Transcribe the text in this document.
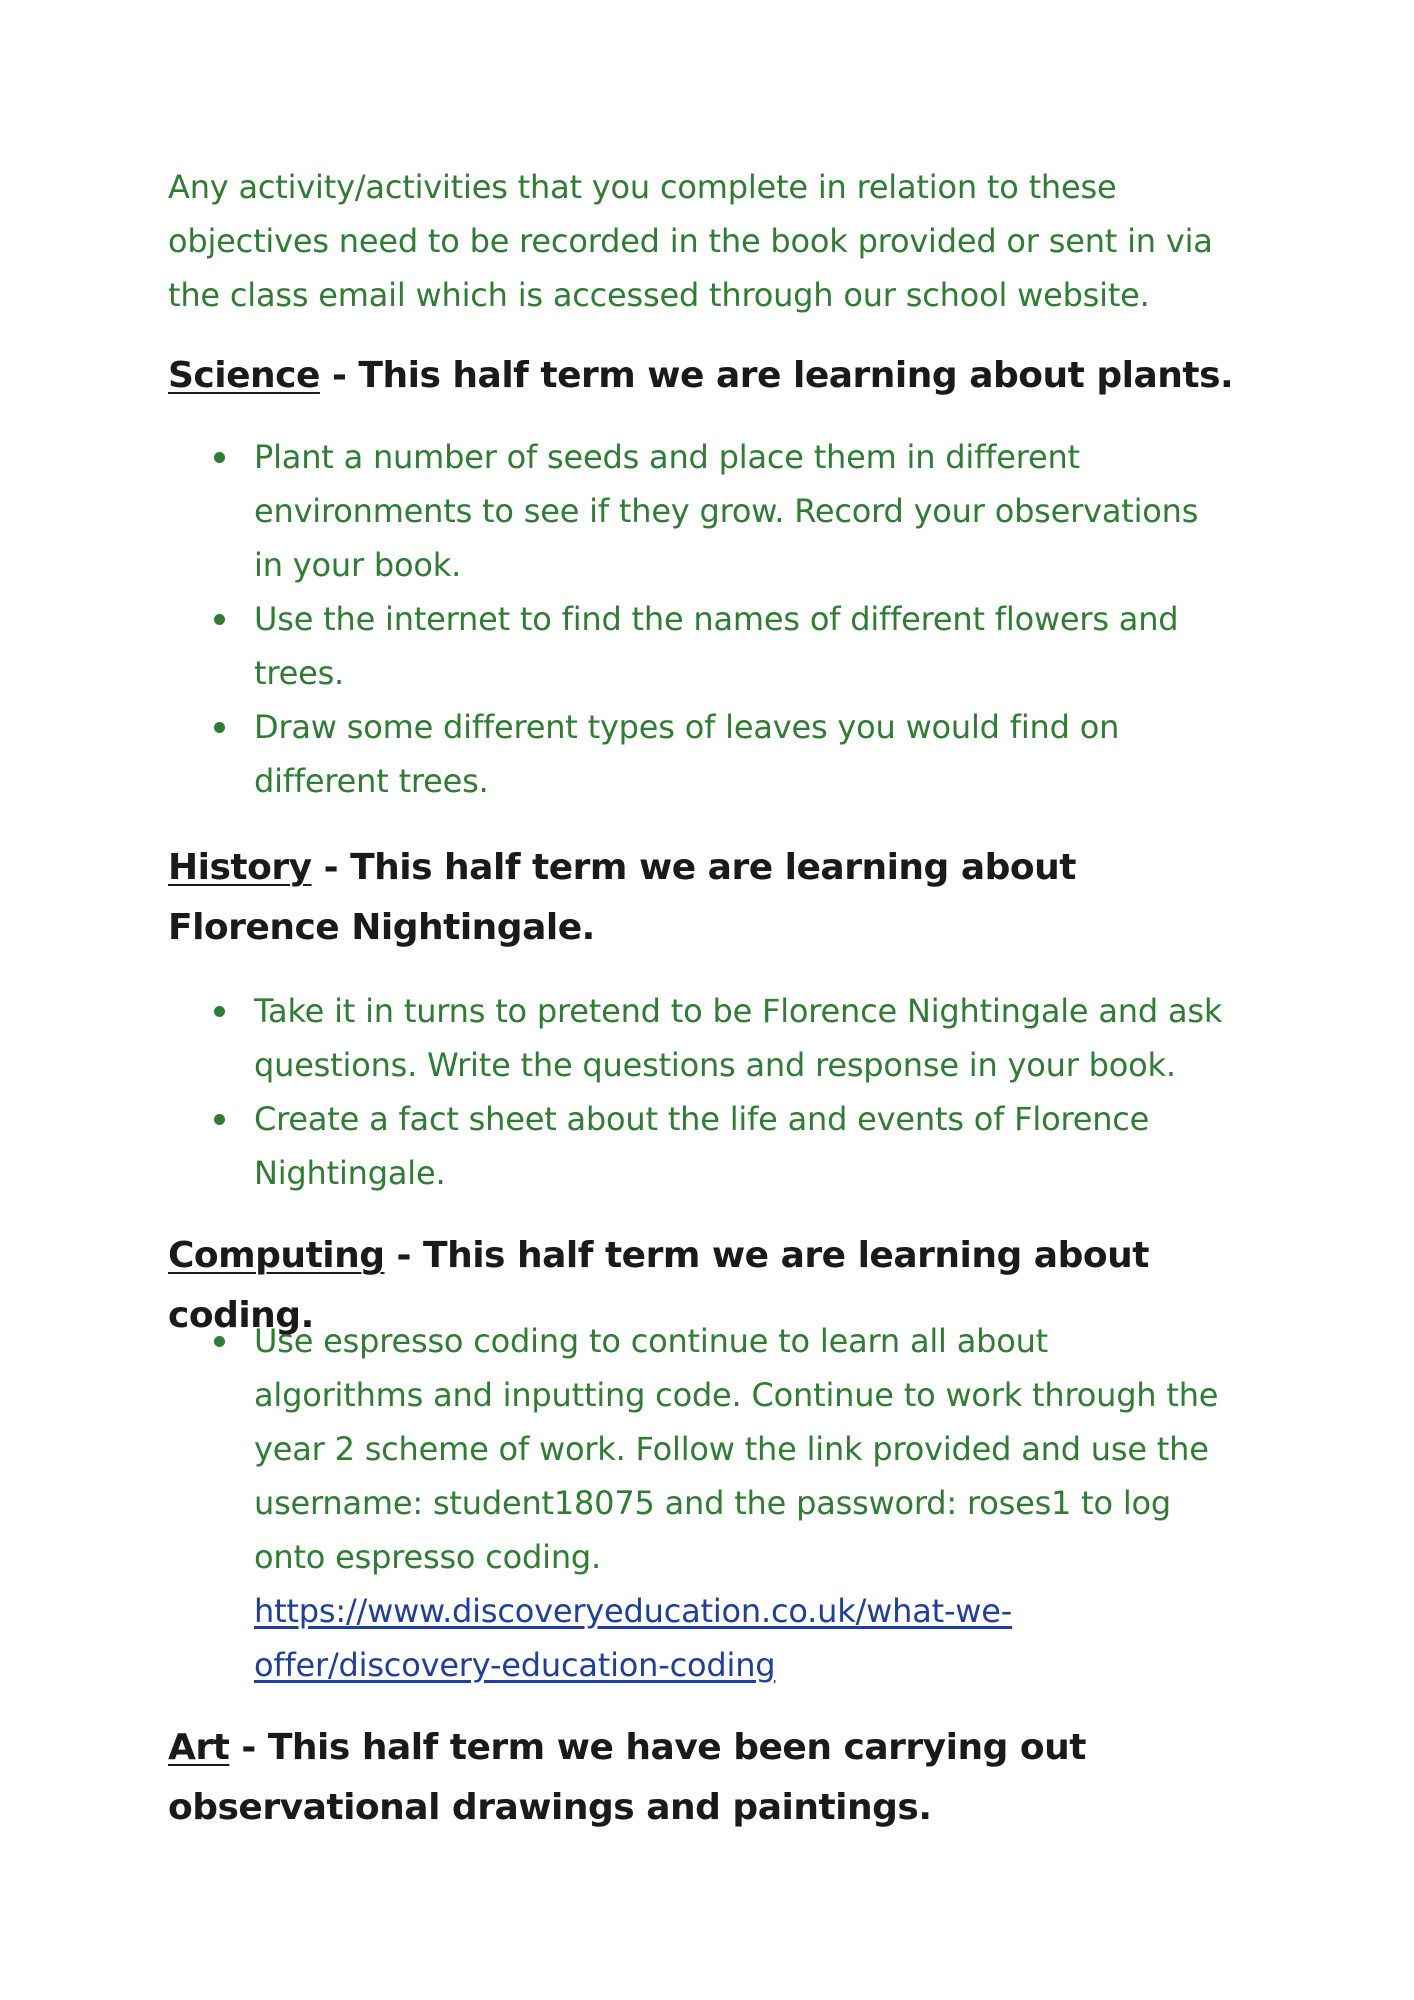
Any activity/activities that you complete in relation to these objectives need to be recorded in the book provided or sent in via the class email which is accessed through our school website.

Science - This half term we are learning about plants.
Plant a number of seeds and place them in different environments to see if they grow. Record your observations in your book.
Use the internet to find the names of different flowers and trees.
Draw some different types of leaves you would find on different trees.
History - This half term we are learning about Florence Nightingale.
Take it in turns to pretend to be Florence Nightingale and ask questions. Write the questions and response in your book.
Create a fact sheet about the life and events of Florence Nightingale.
Computing - This half term we are learning about coding.
Use espresso coding to continue to learn all about algorithms and inputting code. Continue to work through the year 2 scheme of work. Follow the link provided and use the username: student18075 and the password: roses1 to log onto espresso coding.
https://www.discoveryeducation.co.uk/what-we-
offer/discovery-education-coding
Art - This half term we have been carrying out observational drawings and paintings.
